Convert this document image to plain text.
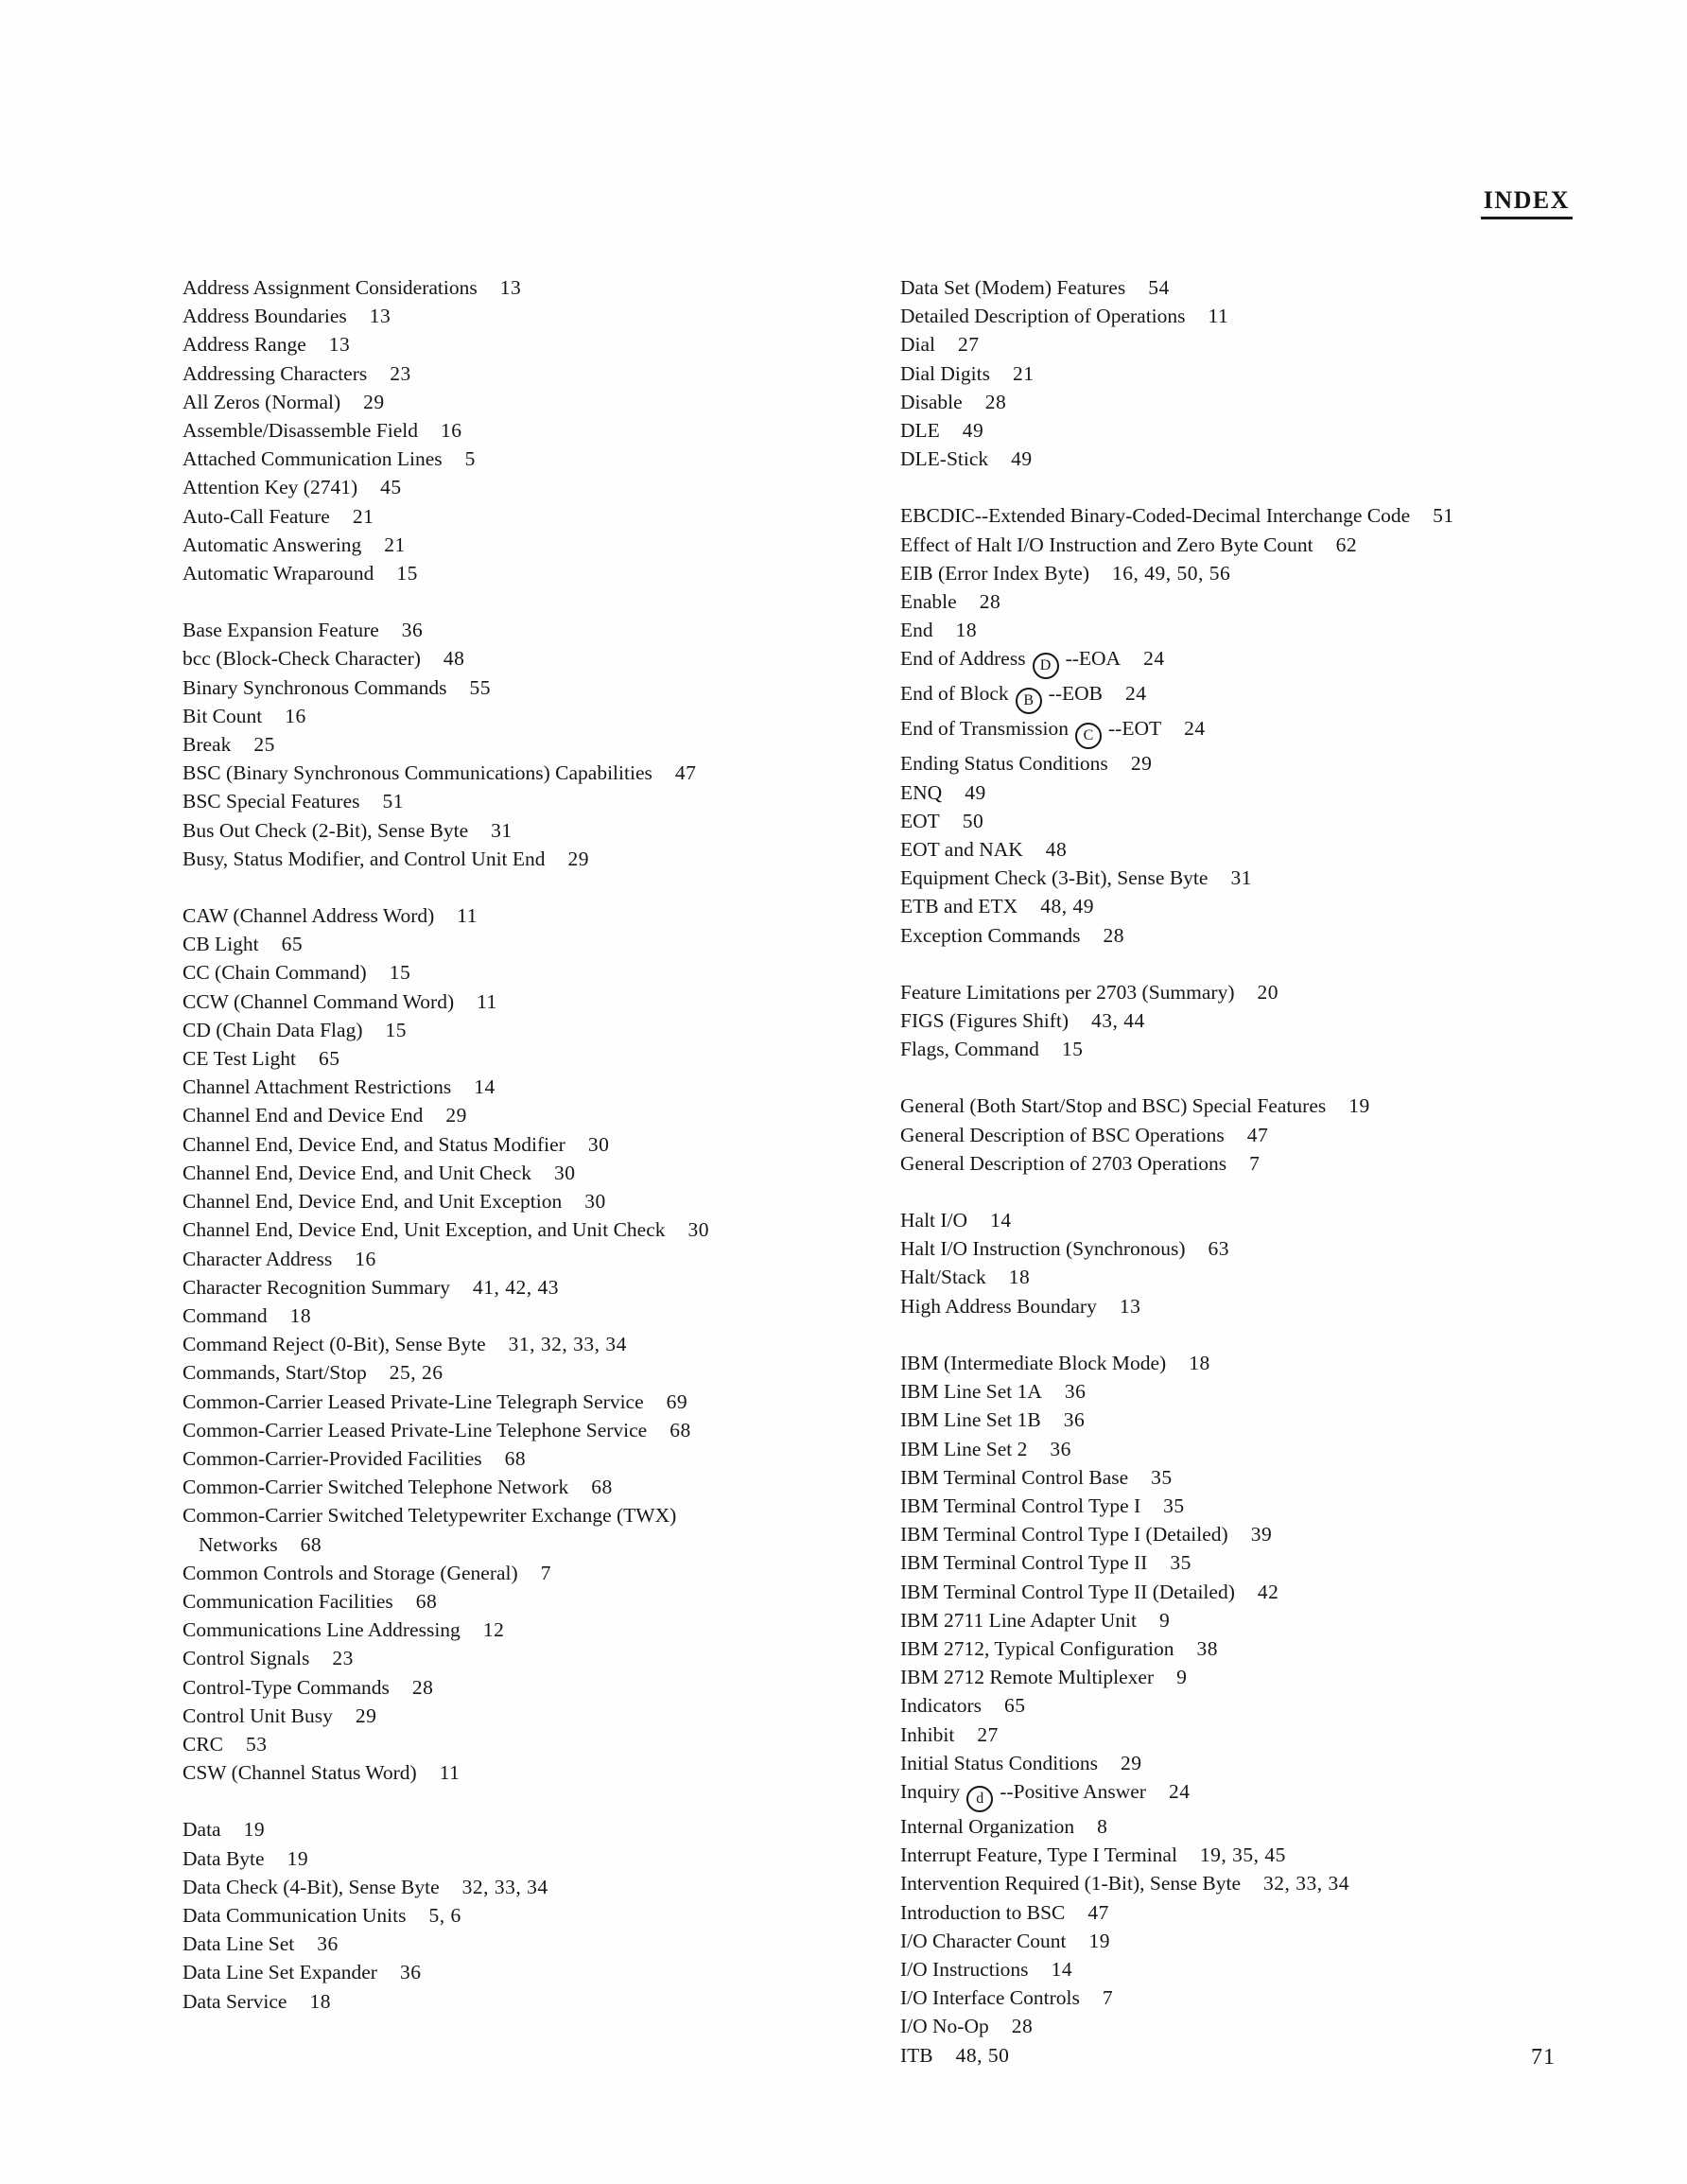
INDEX
Address Assignment Considerations 13
Address Boundaries 13
Address Range 13
Addressing Characters 23
All Zeros (Normal) 29
Assemble/Disassemble Field 16
Attached Communication Lines 5
Attention Key (2741) 45
Auto-Call Feature 21
Automatic Answering 21
Automatic Wraparound 15
Base Expansion Feature 36
bcc (Block-Check Character) 48
Binary Synchronous Commands 55
Bit Count 16
Break 25
BSC (Binary Synchronous Communications) Capabilities 47
BSC Special Features 51
Bus Out Check (2-Bit), Sense Byte 31
Busy, Status Modifier, and Control Unit End 29
CAW (Channel Address Word) 11
CB Light 65
CC (Chain Command) 15
CCW (Channel Command Word) 11
CD (Chain Data Flag) 15
CE Test Light 65
Channel Attachment Restrictions 14
Channel End and Device End 29
Channel End, Device End, and Status Modifier 30
Channel End, Device End, and Unit Check 30
Channel End, Device End, and Unit Exception 30
Channel End, Device End, Unit Exception, and Unit Check 30
Character Address 16
Character Recognition Summary 41, 42, 43
Command 18
Command Reject (0-Bit), Sense Byte 31, 32, 33, 34
Commands, Start/Stop 25, 26
Common-Carrier Leased Private-Line Telegraph Service 69
Common-Carrier Leased Private-Line Telephone Service 68
Common-Carrier-Provided Facilities 68
Common-Carrier Switched Telephone Network 68
Common-Carrier Switched Teletypewriter Exchange (TWX)
Networks 68
Common Controls and Storage (General) 7
Communication Facilities 68
Communications Line Addressing 12
Control Signals 23
Control-Type Commands 28
Control Unit Busy 29
CRC 53
CSW (Channel Status Word) 11
Data 19
Data Byte 19
Data Check (4-Bit), Sense Byte 32, 33, 34
Data Communication Units 5, 6
Data Line Set 36
Data Line Set Expander 36
Data Service 18
Data Set (Modem) Features 54
Detailed Description of Operations 11
Dial 27
Dial Digits 21
Disable 28
DLE 49
DLE-Stick 49
EBCDIC--Extended Binary-Coded-Decimal Interchange Code 51
Effect of Halt I/O Instruction and Zero Byte Count 62
EIB (Error Index Byte) 16, 49, 50, 56
Enable 28
End 18
End of Address D --EOA 24
End of Block B --EOB 24
End of Transmission C --EOT 24
Ending Status Conditions 29
ENQ 49
EOT 50
EOT and NAK 48
Equipment Check (3-Bit), Sense Byte 31
ETB and ETX 48, 49
Exception Commands 28
Feature Limitations per 2703 (Summary) 20
FIGS (Figures Shift) 43, 44
Flags, Command 15
General (Both Start/Stop and BSC) Special Features 19
General Description of BSC Operations 47
General Description of 2703 Operations 7
Halt I/O 14
Halt I/O Instruction (Synchronous) 63
Halt/Stack 18
High Address Boundary 13
IBM (Intermediate Block Mode) 18
IBM Line Set 1A 36
IBM Line Set 1B 36
IBM Line Set 2 36
IBM Terminal Control Base 35
IBM Terminal Control Type I 35
IBM Terminal Control Type I (Detailed) 39
IBM Terminal Control Type II 35
IBM Terminal Control Type II (Detailed) 42
IBM 2711 Line Adapter Unit 9
IBM 2712, Typical Configuration 38
IBM 2712 Remote Multiplexer 9
Indicators 65
Inhibit 27
Initial Status Conditions 29
Inquiry d --Positive Answer 24
Internal Organization 8
Interrupt Feature, Type I Terminal 19, 35, 45
Intervention Required (1-Bit), Sense Byte 32, 33, 34
Introduction to BSC 47
I/O Character Count 19
I/O Instructions 14
I/O Interface Controls 7
I/O No-Op 28
ITB 48, 50	71
